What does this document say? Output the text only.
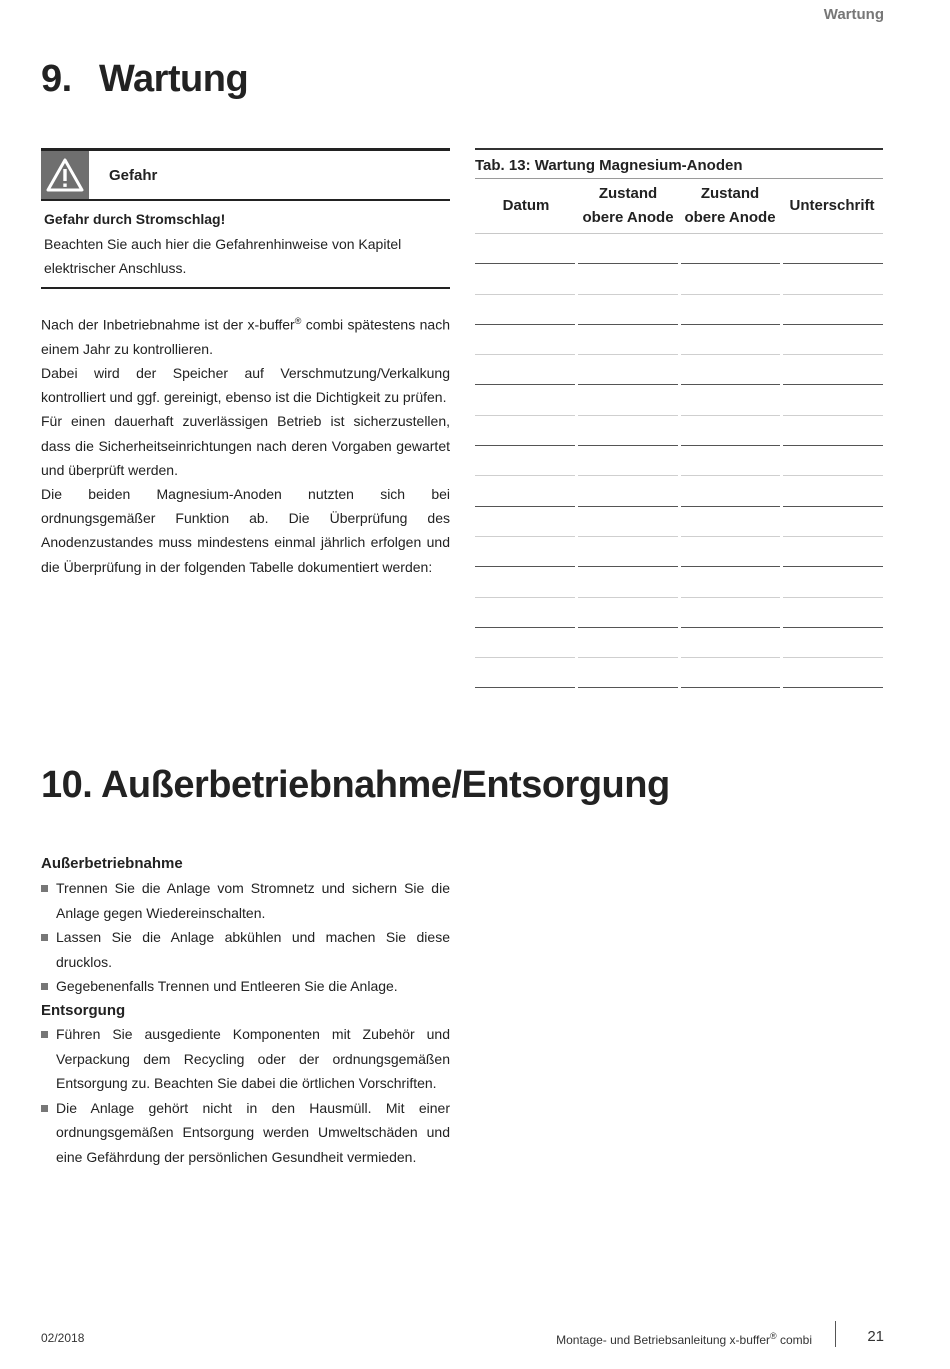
Wartung
9. Wartung
Gefahr
Gefahr durch Stromschlag!
Beachten Sie auch hier die Gefahrenhinweise von Kapitel elektrischer Anschluss.

Nach der Inbetriebnahme ist der x-buffer® combi spätestens nach einem Jahr zu kontrollieren.

Dabei wird der Speicher auf Verschmutzung/Verkalkung kontrolliert und ggf. gereinigt, ebenso ist die Dichtigkeit zu prüfen.

Für einen dauerhaft zuverlässigen Betrieb ist sicherzustellen, dass die Sicherheitseinrichtungen nach deren Vorgaben gewartet und überprüft werden.

Die beiden Magnesium-Anoden nutzten sich bei ordnungsgemäßer Funktion ab. Die Überprüfung des Anodenzustandes muss mindestens einmal jährlich erfolgen und die Überprüfung in der folgenden Tabelle dokumentiert werden:

Tab. 13: Wartung Magnesium-Anoden
Datum
Zustand
obere Anode
Zustand
obere Anode
Unterschrift
10. Außerbetriebnahme/Entsorgung
Außerbetriebnahme
Trennen Sie die Anlage vom Stromnetz und sichern Sie die Anlage gegen Wiedereinschalten.
Lassen Sie die Anlage abkühlen und machen Sie diese drucklos.
Gegebenenfalls Trennen und Entleeren Sie die Anlage.
Entsorgung
Führen Sie ausgediente Komponenten mit Zubehör und Verpackung dem Recycling oder der ordnungsgemäßen Entsorgung zu. Beachten Sie dabei die örtlichen Vorschriften.
Die Anlage gehört nicht in den Hausmüll. Mit einer ordnungsgemäßen Entsorgung werden Umweltschäden und eine Gefährdung der persönlichen Gesundheit vermieden.
02/2018	Montage- und Betriebsanleitung x-buffer® combi	21
